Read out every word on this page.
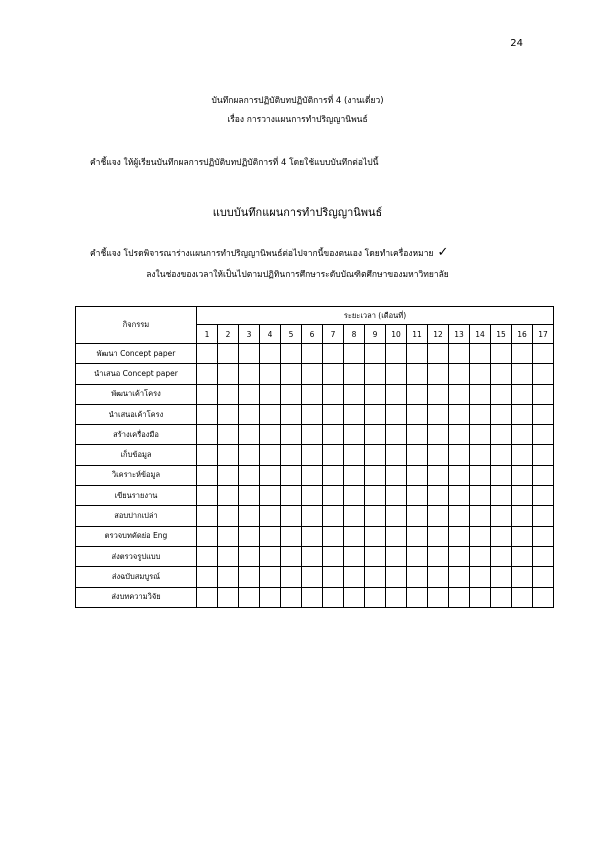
24
บันทึกผลการปฏิบัติบทปฏิบัติการที่ 4 (งานเดี่ยว)
เรื่อง การวางแผนการทำปริญญานิพนธ์
คำชี้แจง ให้ผู้เรียนบันทึกผลการปฏิบัติบทปฏิบัติการที่ 4 โดยใช้แบบบันทึกต่อไปนี้
แบบบันทึกแผนการทำปริญญานิพนธ์
คำชี้แจง โปรดพิจารณาร่างแผนการทำปริญญานิพนธ์ต่อไปจากนี้ของตนเอง โดยทำเครื่องหมาย ✓
ลงในช่องของเวลาให้เป็นไปตามปฏิทินการศึกษาระดับบัณฑิตศึกษาของมหาวิทยาลัย
กิจกรรม	ระยะเวลา (เดือนที่)																
	1	2	3	4	5	6	7	8	9	10	11	12	13	14	15	16	17
พัฒนา Concept paper																	
นำเสนอ Concept paper																	
พัฒนาเค้าโครง																	
นำเสนอเค้าโครง																	
สร้างเครื่องมือ																	
เก็บข้อมูล																	
วิเคราะห์ข้อมูล																	
เขียนรายงาน																	
สอบปากเปล่า																	
ตรวจบทคัดย่อ Eng																	
ส่งตรวจรูปแบบ																	
ส่งฉบับสมบูรณ์																	
ส่งบทความวิจัย																	
